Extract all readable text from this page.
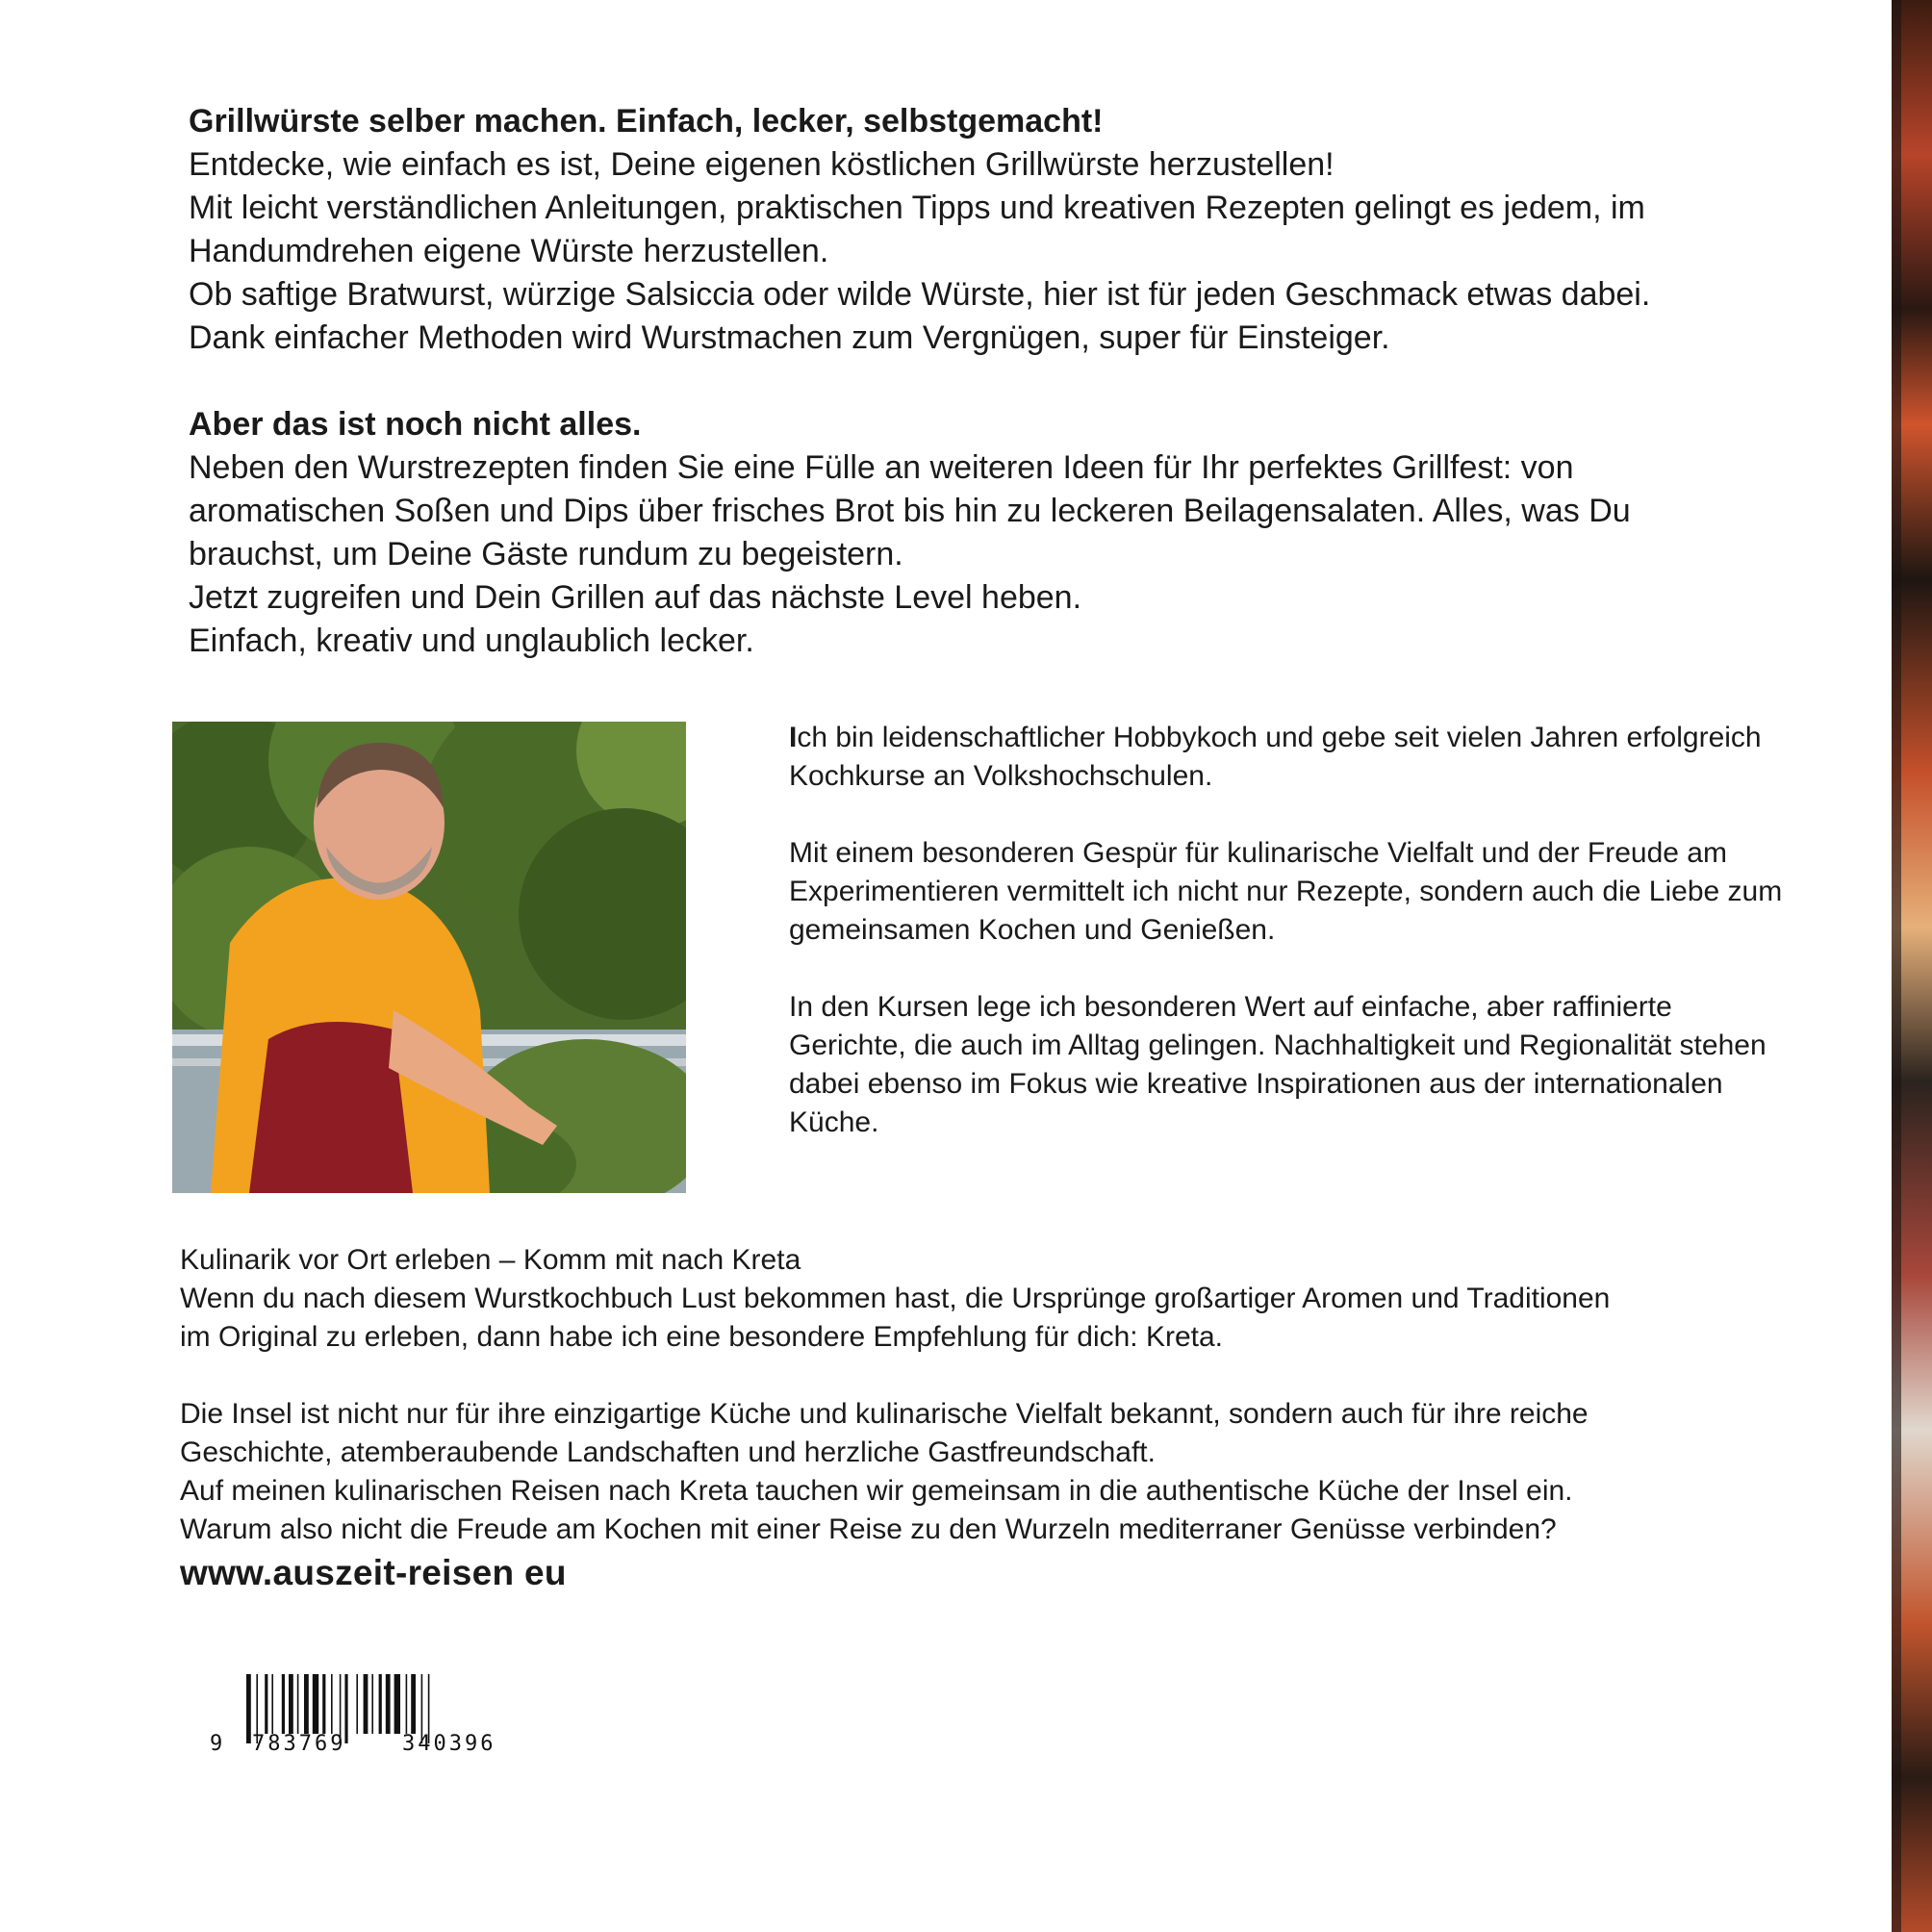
Grillwürste selber machen. Einfach, lecker, selbstgemacht!

Entdecke, wie einfach es ist, Deine eigenen köstlichen Grillwürste herzustellen!

Mit leicht verständlichen Anleitungen, praktischen Tipps und kreativen Rezepten gelingt es jedem, im

Handumdrehen eigene Würste herzustellen.

Ob saftige Bratwurst, würzige Salsiccia oder wilde Würste, hier ist für jeden Geschmack etwas dabei.

Dank einfacher Methoden wird Wurstmachen zum Vergnügen, super für Einsteiger.

Aber das ist noch nicht alles.

Neben den Wurstrezepten finden Sie eine Fülle an weiteren Ideen für Ihr perfektes Grillfest: von

aromatischen Soßen und Dips über frisches Brot bis hin zu leckeren Beilagensalaten. Alles, was Du

brauchst, um Deine Gäste rundum zu begeistern.

Jetzt zugreifen und Dein Grillen auf das nächste Level heben.

Einfach, kreativ und unglaublich lecker.

Ich bin leidenschaftlicher Hobbykoch und gebe seit vielen Jahren erfolgreich Kochkurse an Volkshochschulen.

Mit einem besonderen Gespür für kulinarische Vielfalt und der Freude am Experimentieren vermittelt ich nicht nur Rezepte, sondern auch die Liebe zum gemeinsamen Kochen und Genießen.

In den Kursen lege ich besonderen Wert auf einfache, aber raffinierte Gerichte, die auch im Alltag gelingen. Nachhaltigkeit und Regionalität stehen dabei ebenso im Fokus wie kreative Inspirationen aus der internationalen Küche.

Kulinarik vor Ort erleben – Komm mit nach Kreta

Wenn du nach diesem Wurstkochbuch Lust bekommen hast, die Ursprünge großartiger Aromen und Traditionen

im Original zu erleben, dann habe ich eine besondere Empfehlung für dich: Kreta.

Die Insel ist nicht nur für ihre einzigartige Küche und kulinarische Vielfalt bekannt, sondern auch für ihre reiche

Geschichte, atemberaubende Landschaften und herzliche Gastfreundschaft.

Auf meinen kulinarischen Reisen nach Kreta tauchen wir gemeinsam in die authentische Küche der Insel ein.

Warum also nicht die Freude am Kochen mit einer Reise zu den Wurzeln mediterraner Genüsse verbinden?

www.auszeit-reisen eu
9 783769	340396
